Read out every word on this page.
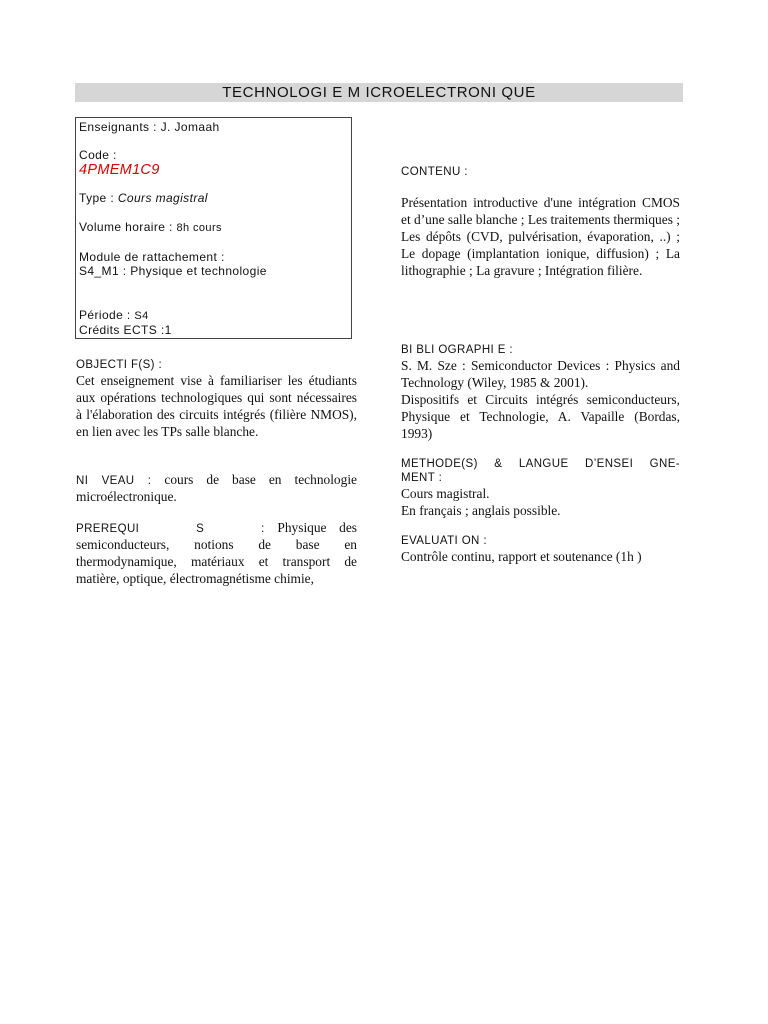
TECHNOLOGI E M ICROELECTRONI QUE

Enseignants : J. Jomaah

Code :

4PMEM1C9

Type : Cours magistral

Volume horaire : 8h cours

Module de rattachement :

S4_M1 : Physique et technologie

Période : S4

Crédits ECTS :1

OBJECTI F(S) :

Cet enseignement vise à familiariser les étudiants aux opérations technologiques qui sont nécessaires à l'élaboration des circuits intégrés (filière NMOS), en lien avec les TPs salle blanche.

NI VEAU : cours de base en technologie microélectronique.

PREREQUI S : Physique des semiconducteurs, notions de base en thermodynamique, matériaux et transport de matière, optique, électromagnétisme chimie,

CONTENU :

Présentation introductive d'une intégration CMOS et d’une salle blanche ; Les traitements thermiques ; Les dépôts (CVD, pulvérisation, évaporation, ..) ; Le dopage (implantation ionique, diffusion) ; La lithographie ; La gravure ; Intégration filière.

BI BLI OGRAPHI E :

S. M. Sze : Semiconductor Devices : Physics and Technology (Wiley, 1985 & 2001).

Dispositifs et Circuits intégrés semiconducteurs, Physique et Technologie, A. Vapaille (Bordas, 1993)

METHODE(S) & LANGUE D’ENSEI GNE-

MENT :

Cours magistral.

En français ; anglais possible.

EVALUATI ON :

Contrôle continu, rapport et soutenance (1h )
